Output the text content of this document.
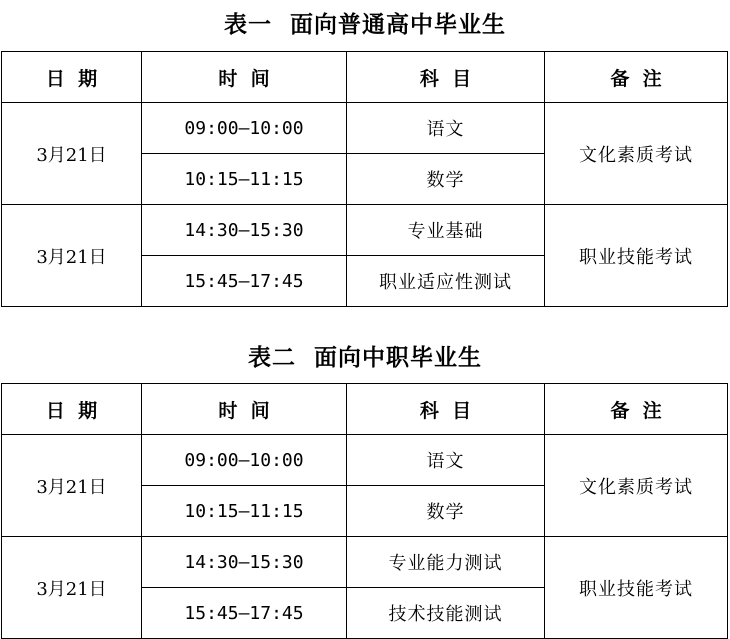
表一  面向普通高中毕业生
日  期	时  间	科  目	备  注
3月21日	09:00—10:00	语文	文化素质考试
	10:15—11:15	数学	
3月21日	14:30—15:30	专业基础	职业技能考试
	15:45—17:45	职业适应性测试	
表二  面向中职毕业生
日  期	时  间	科  目	备  注
3月21日	09:00—10:00	语文	文化素质考试
	10:15—11:15	数学	
3月21日	14:30—15:30	专业能力测试	职业技能考试
	15:45—17:45	技术技能测试	
